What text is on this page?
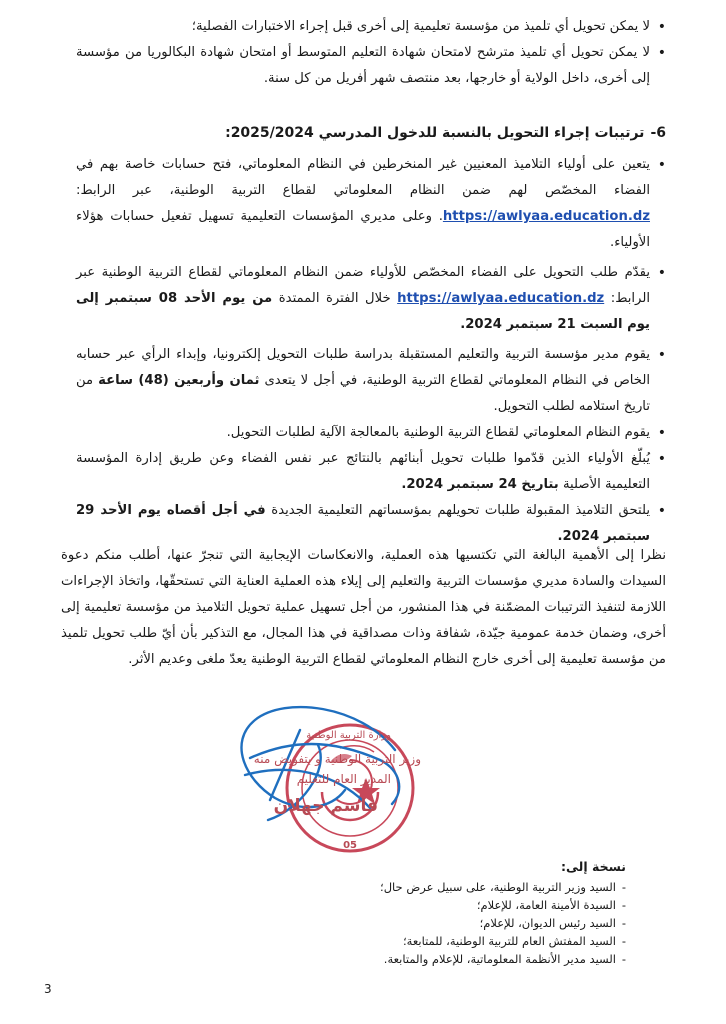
• لا يمكن تحويل أي تلميذ من مؤسسة تعليمية إلى أخرى قبل إجراء الاختبارات الفصلية؛
• لا يمكن تحويل أي تلميذ مترشح لامتحان شهادة التعليم المتوسط أو امتحان شهادة البكالوريا من مؤسسة إلى أخرى، داخل الولاية أو خارجها، بعد منتصف شهر أفريل من كل سنة.
6-ترتيبات إجراء التحويل بالنسبة للدخول المدرسي 2025/2024:
• يتعين على أولياء التلاميذ المعنيين غير المنخرطين في النظام المعلوماتي، فتح حسابات خاصة بهم في الفضاء المخصّص لهم ضمن النظام المعلوماتي لقطاع التربية الوطنية، عبر الرابط: https://awlyaa.education.dz. وعلى مديري المؤسسات التعليمية تسهيل تفعيل حسابات هؤلاء الأولياء.
• يقدّم طلب التحويل على الفضاء المخصّص للأولياء ضمن النظام المعلوماتي لقطاع التربية الوطنية عبر الرابط: https://awlyaa.education.dz خلال الفترة الممتدة من يوم الأحد 08 سبتمبر إلى يوم السبت 21 سبتمبر 2024.
• يقوم مدير مؤسسة التربية والتعليم المستقبلة بدراسة طلبات التحويل إلكترونيا، وإبداء الرأي عبر حسابه الخاص في النظام المعلوماتي لقطاع التربية الوطنية، في أجل لا يتعدى ثمان وأربعين (48) ساعة من تاريخ استلامه لطلب التحويل.
• يقوم النظام المعلوماتي لقطاع التربية الوطنية بالمعالجة الآلية لطلبات التحويل.
• يُبلّغ الأولياء الذين قدّموا طلبات تحويل أبنائهم بالنتائج عبر نفس الفضاء وعن طريق إدارة المؤسسة التعليمية الأصلية بتاريخ 24 سبتمبر 2024.
• يلتحق التلاميذ المقبولة طلبات تحويلهم بمؤسساتهم التعليمية الجديدة في أجل أقصاه يوم الأحد 29 سبتمبر 2024.
نظرا إلى الأهمية البالغة التي تكتسيها هذه العملية، والانعكاسات الإيجابية التي تنجرّ عنها، أطلب منكم دعوة السيدات والسادة مديري مؤسسات التربية والتعليم إلى إيلاء هذه العملية العناية التي تستحقّها، واتخاذ الإجراءات اللازمة لتنفيذ الترتيبات المضمّنة في هذا المنشور، من أجل تسهيل عملية تحويل التلاميذ من مؤسسة تعليمية إلى أخرى، وضمان خدمة عمومية جيّدة، شفافة وذات مصداقية في هذا المجال، مع التذكير بأن أيّ طلب تحويل تلميذ من مؤسسة تعليمية إلى أخرى خارج النظام المعلوماتي لقطاع التربية الوطنية يعدّ ملغى وعديم الأثر.
وزير التربية الوطنية و بتفويض منه
المدير العام للتعليم
قاسم جهلان
وزارة التربية الوطنية
05
نسخة إلى:
- السيد وزير التربية الوطنية، على سبيل عرض حال؛
- السيدة الأمينة العامة، للإعلام؛
- السيد رئيس الديوان، للإعلام؛
- السيد المفتش العام للتربية الوطنية، للمتابعة؛
- السيد مدير الأنظمة المعلوماتية، للإعلام والمتابعة.
3
